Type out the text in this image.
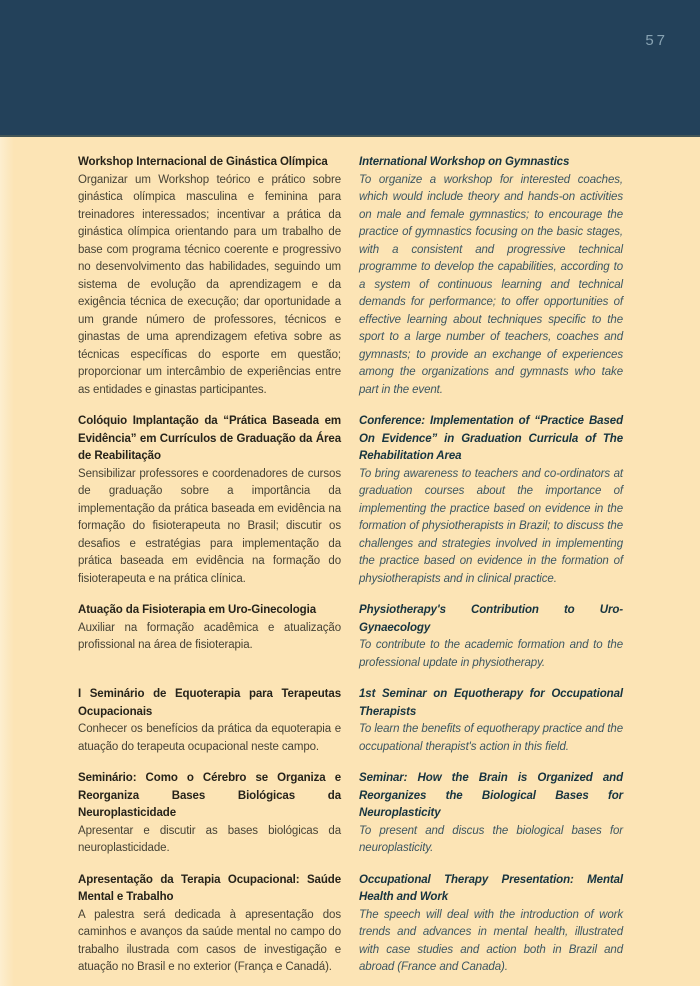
57
Workshop Internacional de Ginástica Olímpica

Organizar um Workshop teórico e prático sobre ginástica olímpica masculina e feminina para treinadores interessados; incentivar a prática da ginástica olímpica orientando para um trabalho de base com programa técnico coerente e progressivo no desenvolvimento das habilidades, seguindo um sistema de evolução da aprendizagem e da exigência técnica de execução; dar oportunidade a um grande número de professores, técnicos e ginastas de uma aprendizagem efetiva sobre as técnicas específicas do esporte em questão; proporcionar um intercâmbio de experiências entre as entidades e ginastas participantes.

International Workshop on Gymnastics

To organize a workshop for interested coaches, which would include theory and hands-on activities on male and female gymnastics; to encourage the practice of gymnastics focusing on the basic stages, with a consistent and progressive technical programme to develop the capabilities, according to a system of continuous learning and technical demands for performance; to offer opportunities of effective learning about techniques specific to the sport to a large number of teachers, coaches and gymnasts; to provide an exchange of experiences among the organizations and gymnasts who take part in the event.

Colóquio Implantação da “Prática Baseada em Evidência” em Currículos de Graduação da Área de Reabilitação

Sensibilizar professores e coordenadores de cursos de graduação sobre a importância da implementação da prática baseada em evidência na formação do fisioterapeuta no Brasil; discutir os desafios e estratégias para implementação da prática baseada em evidência na formação do fisioterapeuta e na prática clínica.

Conference: Implementation of “Practice Based On Evidence” in Graduation Curricula of The Rehabilitation Area

To bring awareness to teachers and co-ordinators at graduation courses about the importance of implementing the practice based on evidence in the formation of physiotherapists in Brazil; to discuss the challenges and strategies involved in implementing the practice based on evidence in the formation of physiotherapists and in clinical practice.

Atuação da Fisioterapia em Uro-Ginecologia

Auxiliar na formação acadêmica e atualização profissional na área de fisioterapia.

Physiotherapy's Contribution to Uro-Gynaecology

To contribute to the academic formation and to the professional update in physiotherapy.

I Seminário de Equoterapia para Terapeutas Ocupacionais

Conhecer os benefícios da prática da equoterapia e atuação do terapeuta ocupacional neste campo.

1st Seminar on Equotherapy for Occupational Therapists

To learn the benefits of equotherapy practice and the occupational therapist's action in this field.

Seminário: Como o Cérebro se Organiza e Reorganiza Bases Biológicas da Neuroplasticidade

Apresentar e discutir as bases biológicas da neuroplasticidade.

Seminar: How the Brain is Organized and Reorganizes the Biological Bases for Neuroplasticity

To present and discus the biological bases for neuroplasticity.

Apresentação da Terapia Ocupacional: Saúde Mental e Trabalho

A palestra será dedicada à apresentação dos caminhos e avanços da saúde mental no campo do trabalho ilustrada com casos de investigação e atuação no Brasil e no exterior (França e Canadá).

Occupational Therapy Presentation: Mental Health and Work

The speech will deal with the introduction of work trends and advances in mental health, illustrated with case studies and action both in Brazil and abroad (France and Canada).
